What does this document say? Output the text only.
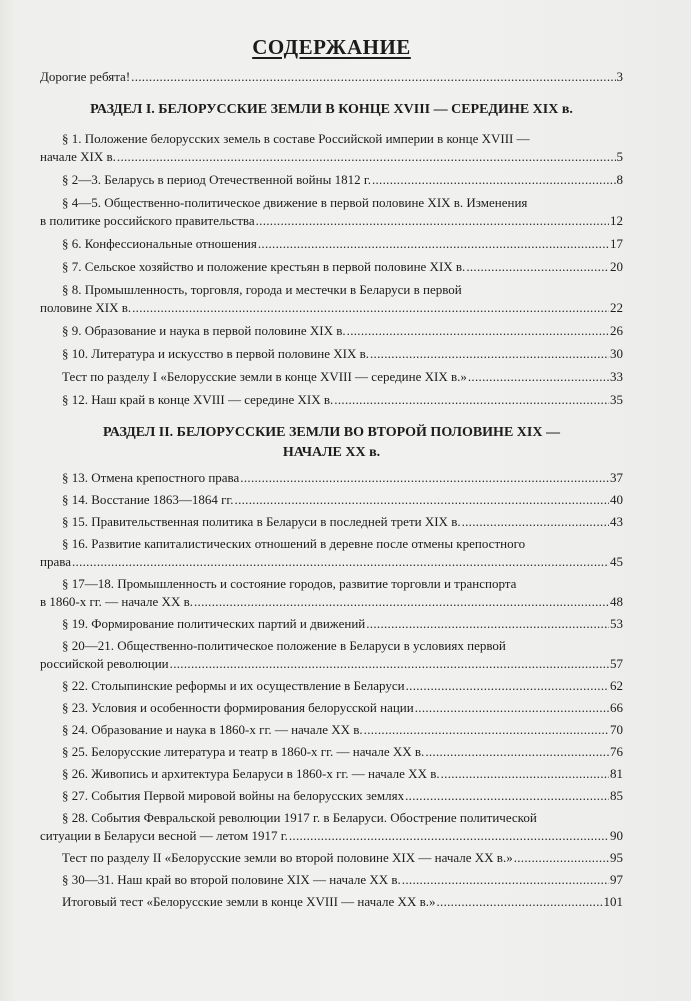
СОДЕРЖАНИЕ
Дорогие ребята! .....	3
РАЗДЕЛ I. БЕЛОРУССКИЕ ЗЕМЛИ В КОНЦЕ XVIII — СЕРЕДИНЕ XIX в.
§ 1. Положение белорусских земель в составе Российской империи в конце XVIII —
начале XIX в. .....	5
§ 2—3. Беларусь в период Отечественной войны 1812 г. .....	8
§ 4—5. Общественно-политическое движение в первой половине XIX в. Изменения
в политике российского правительства .....	12
§ 6. Конфессиональные отношения .....	17
§ 7. Сельское хозяйство и положение крестьян в первой половине XIX в. .....	20
§ 8. Промышленность, торговля, города и местечки в Беларуси в первой
половине XIX в. .....	22
§ 9. Образование и наука в первой половине XIX в. .....	26
§ 10. Литература и искусство в первой половине XIX в. .....	30
Тест по разделу I «Белорусские земли в конце XVIII — середине XIX в.» .....	33
§ 12. Наш край в конце XVIII — середине XIX в. .....	35
РАЗДЕЛ II. БЕЛОРУССКИЕ ЗЕМЛИ ВО ВТОРОЙ ПОЛОВИНЕ XIX —
НАЧАЛЕ XX в.
§ 13. Отмена крепостного права .....	37
§ 14. Восстание 1863—1864 гг. .....	40
§ 15. Правительственная политика в Беларуси в последней трети XIX в. .....	43
§ 16. Развитие капиталистических отношений в деревне после отмены крепостного
права .....	45
§ 17—18. Промышленность и состояние городов, развитие торговли и транспорта
в 1860-х гг. — начале XX в. .....	48
§ 19. Формирование политических партий и движений .....	53
§ 20—21. Общественно-политическое положение в Беларуси в условиях первой
российской революции .....	57
§ 22. Столыпинские реформы и их осуществление в Беларуси .....	62
§ 23. Условия и особенности формирования белорусской нации .....	66
§ 24. Образование и наука в 1860-х гг. — начале XX в. .....	70
§ 25. Белорусские литература и театр в 1860-х гг. — начале XX в. .....	76
§ 26. Живопись и архитектура Беларуси в 1860-х гг. — начале XX в. .....	81
§ 27. События Первой мировой войны на белорусских землях .....	85
§ 28. События Февральской революции 1917 г. в Беларуси. Обострение политической
ситуации в Беларуси весной — летом 1917 г. .....	90
Тест по разделу II «Белорусские земли во второй половине XIX — начале XX в.» .....	95
§ 30—31. Наш край во второй половине XIX — начале XX в. .....	97
Итоговый тест «Белорусские земли в конце XVIII — начале XX в.» .....	101
